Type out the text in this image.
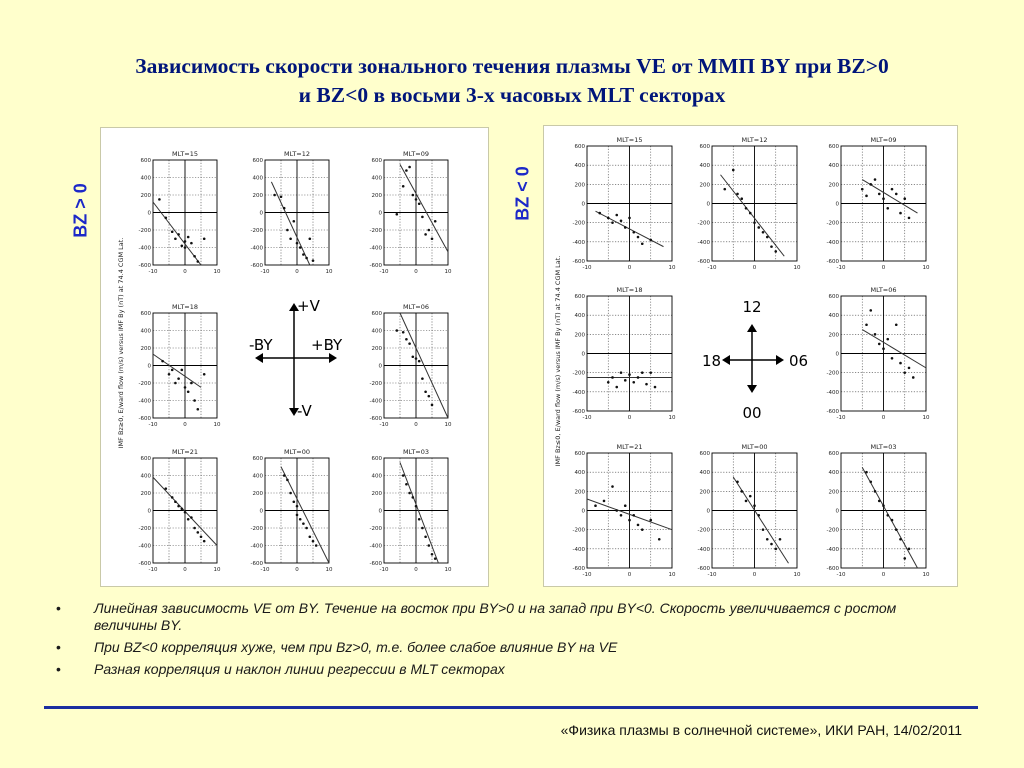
Зависимость скорости зонального течения плазмы VE от ММП BY при BZ>0
и BZ<0 в восьми 3-х часовых MLT секторах
BZ > 0	BZ < 0
MLT=15
600
400
200
0
-200
-400
-600
-10	0	10
MLT=12
600
400
200
0
-200
-400
-600
-10	0	10
MLT=09
600
400
200
0
-200
-400
-600
-10	0	10
MLT=18
600
400
200
0
-200
-400
-600
-10	0	10
MLT=06
600
400
200
0
-200
-400
-600
-10	0	10
MLT=21
600
400
200
0
-200
-400
-600
-10	0	10
MLT=00
600
400
200
0
-200
-400
-600
-10	0	10
MLT=03
600
400
200
0
-200
-400
-600
-10	0	10
IMF Bz≥0, E/ward flow (m/s) versus IMF By (nT) at 74.4 CGM Lat.	+V
-V
-BY	+BY
MLT=15
600
400
200
0
-200
-400
-600
-10	0	10
MLT=12
600
400
200
0
-200
-400
-600
-10	0	10
MLT=09
600
400
200
0
-200
-400
-600
-10	0	10
MLT=18
600
400
200
0
-200
-400
-600
-10	0	10
MLT=06
600
400
200
0
-200
-400
-600
-10	0	10
MLT=21
600
400
200
0
-200
-400
-600
-10	0	10
MLT=00
600
400
200
0
-200
-400
-600
-10	0	10
MLT=03
600
400
200
0
-200
-400
-600
-10	0	10
IMF Bz≤0, E/ward flow (m/s) versus IMF By (nT) at 74.4 CGM Lat.	12
00
18	06
• Линейная зависимость VE от BY. Течение на восток при BY>0 и на запад при BY<0. Скорость увеличивается с ростом величины BY.
• При BZ<0 корреляция хуже, чем при Bz>0, т.е. более слабое влияние BY на VE
• Разная корреляция и наклон линии регрессии в MLT секторах
«Физика плазмы в солнечной системе», ИКИ РАН, 14/02/2011
